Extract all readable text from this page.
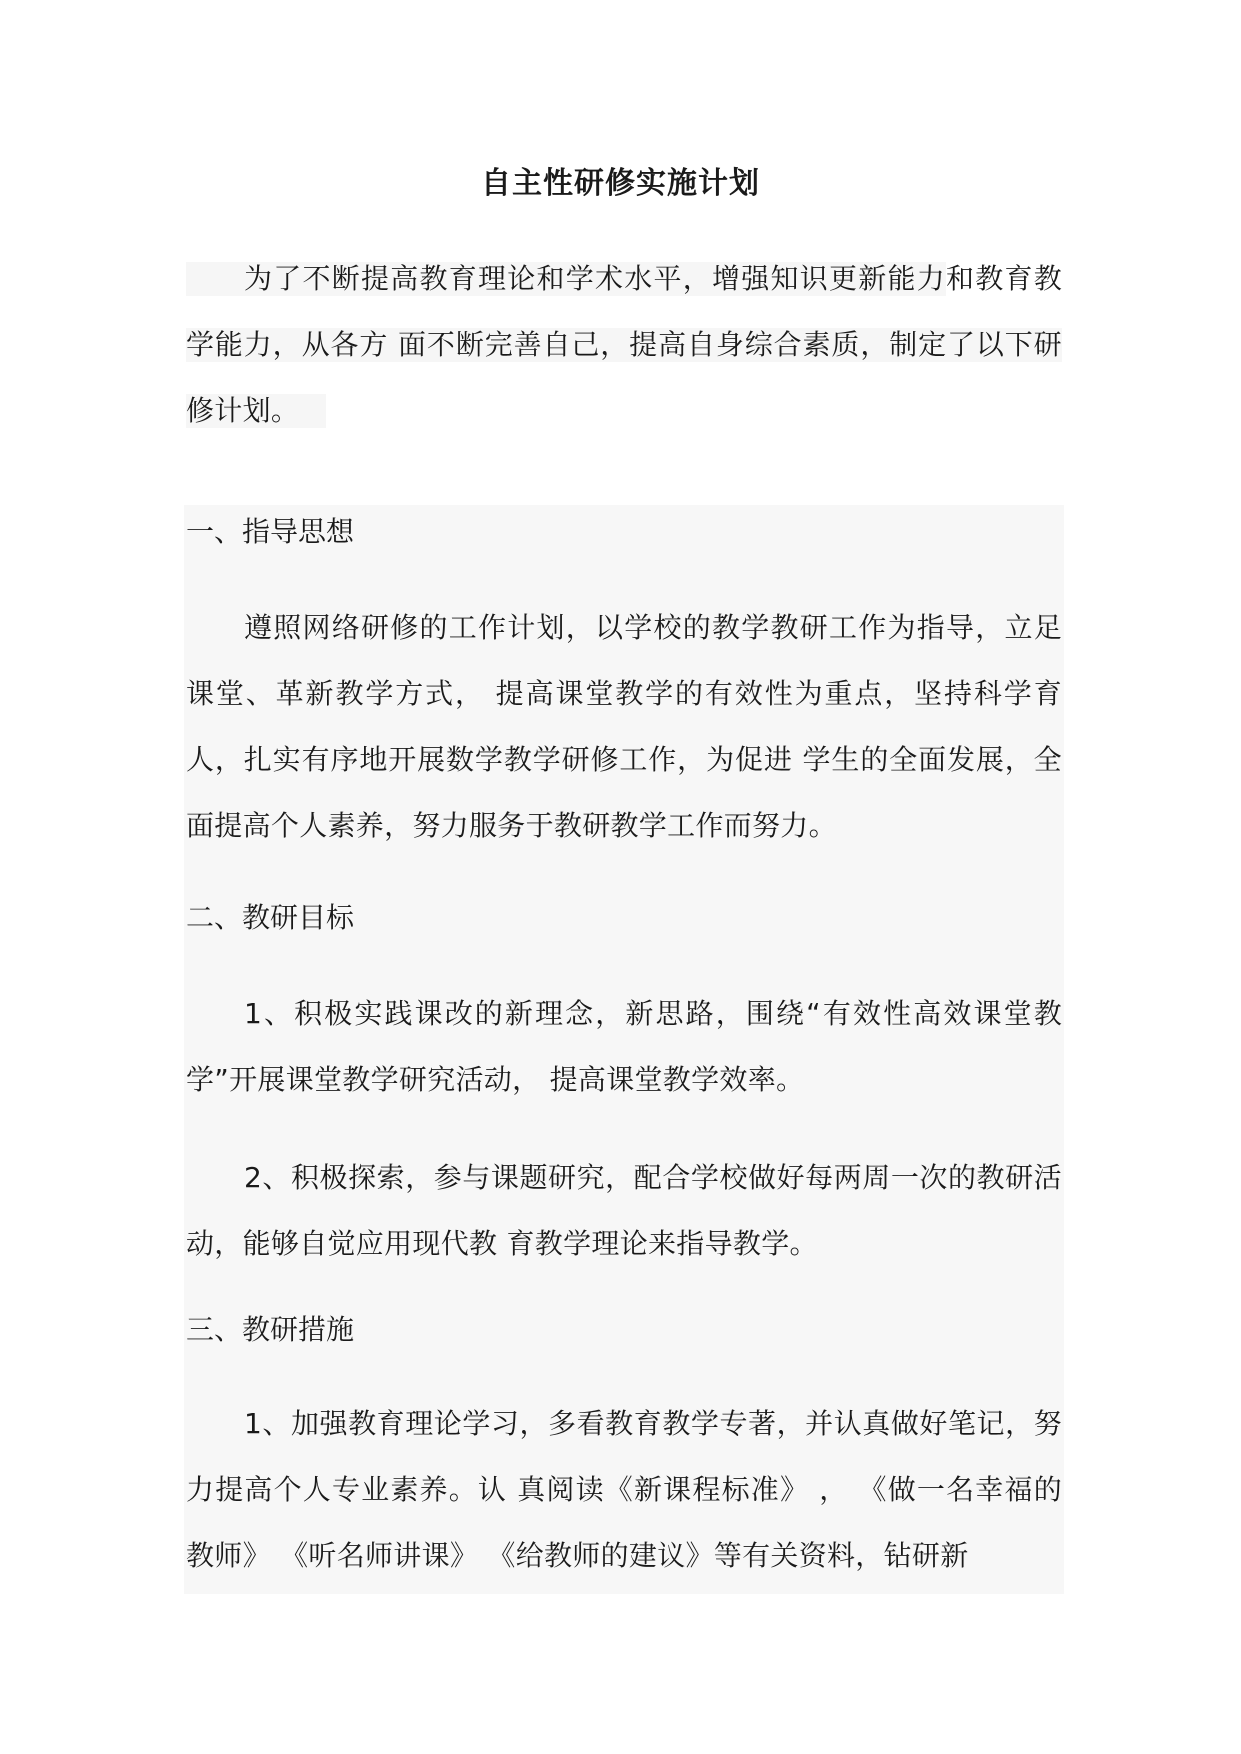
自主性研修实施计划

为了不断提高教育理论和学术水平，增强知识更新能力和教育教学能力，从各方 面不断完善自己，提高自身综合素质，制定了以下研修计划。

一、指导思想

遵照网络研修的工作计划，以学校的教学教研工作为指导，立足课堂、革新教学方式， 提高课堂教学的有效性为重点，坚持科学育人，扎实有序地开展数学教学研修工作，为促进 学生的全面发展，全面提高个人素养，努力服务于教研教学工作而努力。

二、教研目标

1、积极实践课改的新理念，新思路，围绕“有效性高效课堂教学”开展课堂教学研究活动， 提高课堂教学效率。

2、积极探索，参与课题研究，配合学校做好每两周一次的教研活动，能够自觉应用现代教 育教学理论来指导教学。

三、教研措施

1、加强教育理论学习，多看教育教学专著，并认真做好笔记，努力提高个人专业素养。认 真阅读《新课程标准》 ， 《做一名幸福的教师》 《听名师讲课》 《给教师的建议》等有关资料，钻研新
